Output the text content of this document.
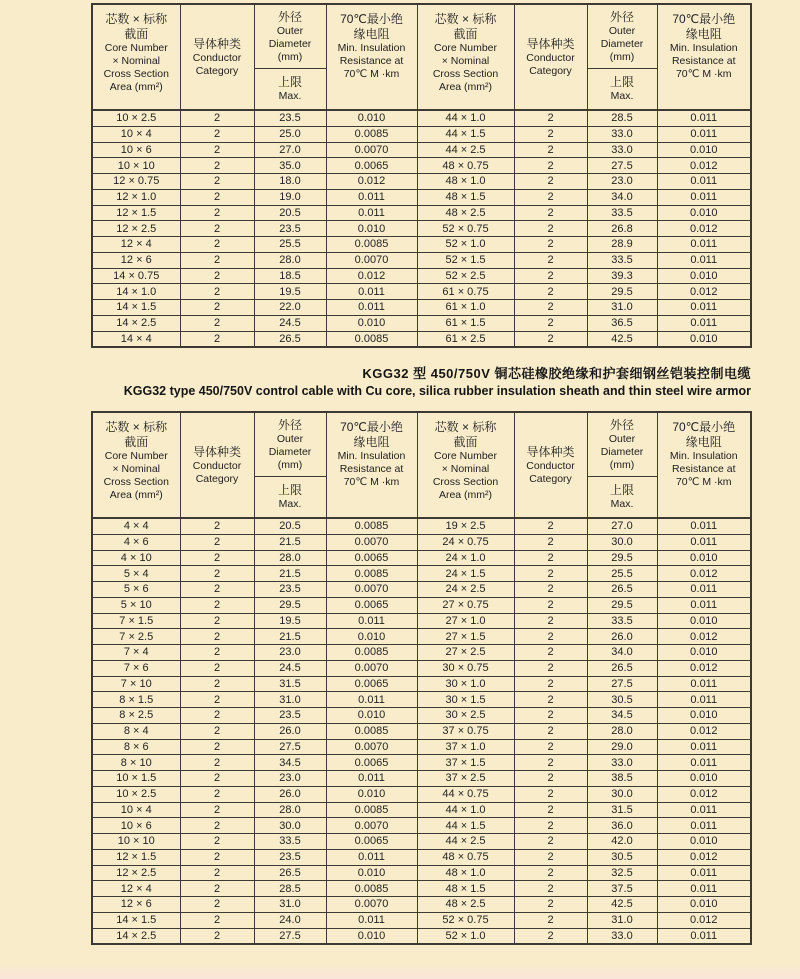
芯数 × 标称
截面
Core Number
× Nominal
Cross Section
Area (mm²)

导体种类
Conductor
Category

外径
Outer
Diameter
(mm)
上限
Max.

70℃最小绝
缘电阻
Min. Insulation
Resistance at
70℃ M ·km

芯数 × 标称
截面
Core Number
× Nominal
Cross Section
Area (mm²)

导体种类
Conductor
Category

外径
Outer
Diameter
(mm)
上限
Max.

70℃最小绝
缘电阻
Min. Insulation
Resistance at
70℃ M ·km

10 × 2.5	2	23.5	0.010	44 × 1.0	2	28.5	0.011
10 × 4	2	25.0	0.0085	44 × 1.5	2	33.0	0.011
10 × 6	2	27.0	0.0070	44 × 2.5	2	33.0	0.010
10 × 10	2	35.0	0.0065	48 × 0.75	2	27.5	0.012
12 × 0.75	2	18.0	0.012	48 × 1.0	2	23.0	0.011
12 × 1.0	2	19.0	0.011	48 × 1.5	2	34.0	0.011
12 × 1.5	2	20.5	0.011	48 × 2.5	2	33.5	0.010
12 × 2.5	2	23.5	0.010	52 × 0.75	2	26.8	0.012
12 × 4	2	25.5	0.0085	52 × 1.0	2	28.9	0.011
12 × 6	2	28.0	0.0070	52 × 1.5	2	33.5	0.011
14 × 0.75	2	18.5	0.012	52 × 2.5	2	39.3	0.010
14 × 1.0	2	19.5	0.011	61 × 0.75	2	29.5	0.012
14 × 1.5	2	22.0	0.011	61 × 1.0	2	31.0	0.011
14 × 2.5	2	24.5	0.010	61 × 1.5	2	36.5	0.011
14 × 4	2	26.5	0.0085	61 × 2.5	2	42.5	0.010
KGG32 型 450/750V 铜芯硅橡胶绝缘和护套细钢丝铠装控制电缆
KGG32 type 450/750V control cable with Cu core, silica rubber insulation sheath and thin steel wire armor
芯数 × 标称
截面
Core Number
× Nominal
Cross Section
Area (mm²)

导体种类
Conductor
Category

外径
Outer
Diameter
(mm)
上限
Max.

70℃最小绝
缘电阻
Min. Insulation
Resistance at
70℃ M ·km

芯数 × 标称
截面
Core Number
× Nominal
Cross Section
Area (mm²)

导体种类
Conductor
Category

外径
Outer
Diameter
(mm)
上限
Max.

70℃最小绝
缘电阻
Min. Insulation
Resistance at
70℃ M ·km

4 × 4	2	20.5	0.0085	19 × 2.5	2	27.0	0.011
4 × 6	2	21.5	0.0070	24 × 0.75	2	30.0	0.011
4 × 10	2	28.0	0.0065	24 × 1.0	2	29.5	0.010
5 × 4	2	21.5	0.0085	24 × 1.5	2	25.5	0.012
5 × 6	2	23.5	0.0070	24 × 2.5	2	26.5	0.011
5 × 10	2	29.5	0.0065	27 × 0.75	2	29.5	0.011
7 × 1.5	2	19.5	0.011	27 × 1.0	2	33.5	0.010
7 × 2.5	2	21.5	0.010	27 × 1.5	2	26.0	0.012
7 × 4	2	23.0	0.0085	27 × 2.5	2	34.0	0.010
7 × 6	2	24.5	0.0070	30 × 0.75	2	26.5	0.012
7 × 10	2	31.5	0.0065	30 × 1.0	2	27.5	0.011
8 × 1.5	2	31.0	0.011	30 × 1.5	2	30.5	0.011
8 × 2.5	2	23.5	0.010	30 × 2.5	2	34.5	0.010
8 × 4	2	26.0	0.0085	37 × 0.75	2	28.0	0.012
8 × 6	2	27.5	0.0070	37 × 1.0	2	29.0	0.011
8 × 10	2	34.5	0.0065	37 × 1.5	2	33.0	0.011
10 × 1.5	2	23.0	0.011	37 × 2.5	2	38.5	0.010
10 × 2.5	2	26.0	0.010	44 × 0.75	2	30.0	0.012
10 × 4	2	28.0	0.0085	44 × 1.0	2	31.5	0.011
10 × 6	2	30.0	0.0070	44 × 1.5	2	36.0	0.011
10 × 10	2	33.5	0.0065	44 × 2.5	2	42.0	0.010
12 × 1.5	2	23.5	0.011	48 × 0.75	2	30.5	0.012
12 × 2.5	2	26.5	0.010	48 × 1.0	2	32.5	0.011
12 × 4	2	28.5	0.0085	48 × 1.5	2	37.5	0.011
12 × 6	2	31.0	0.0070	48 × 2.5	2	42.5	0.010
14 × 1.5	2	24.0	0.011	52 × 0.75	2	31.0	0.012
14 × 2.5	2	27.5	0.010	52 × 1.0	2	33.0	0.011
